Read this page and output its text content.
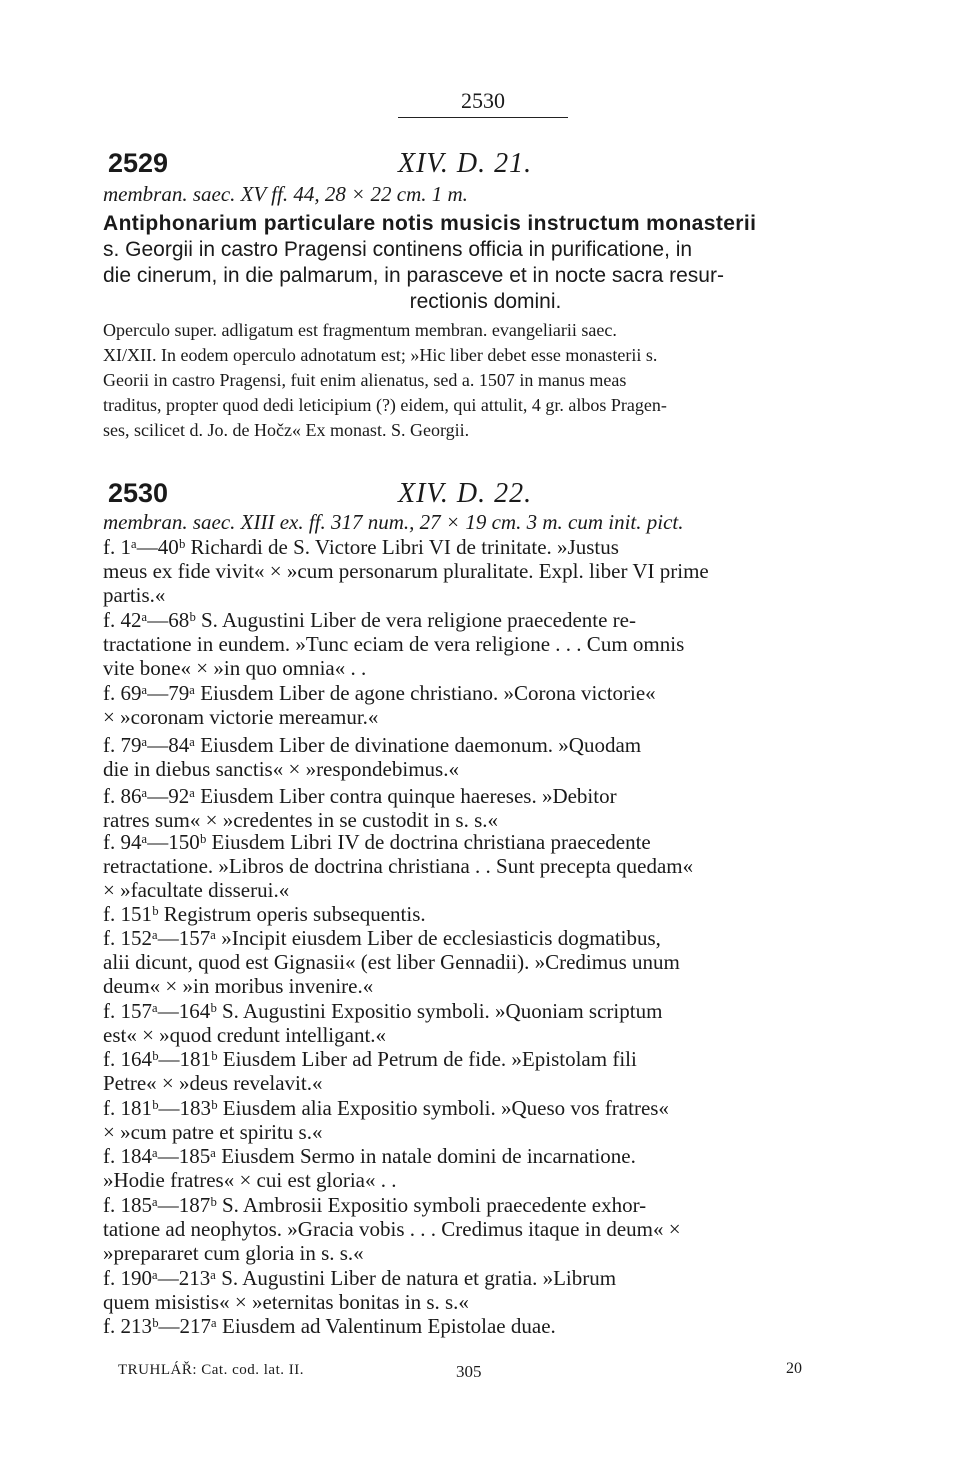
2530
2529	XIV. D. 21.
membran. saec. XV ff. 44, 28 × 22 cm. 1 m.
Antiphonarium particulare notis musicis instructum monasterii
s. Georgii in castro Pragensi continens officia in purificatione, in
die cinerum, in die palmarum, in parasceve et in nocte sacra resur-
rectionis domini.
Operculo super. adligatum est fragmentum membran. evangeliarii saec.
XI/XII. In eodem operculo adnotatum est; »Hic liber debet esse monasterii s.
Georii in castro Pragensi, fuit enim alienatus, sed a. 1507 in manus meas
traditus, propter quod dedi leticipium (?) eidem, qui attulit, 4 gr. albos Pragen-
ses, scilicet d. Jo. de Hočz« Ex monast. S. Georgii.
2530	XIV. D. 22.
membran. saec. XIII ex. ff. 317 num., 27 × 19 cm. 3 m. cum init. pict.
f. 1ᵃ—40ᵇ Richardi de S. Victore Libri VI de trinitate. »Justus
meus ex fide vivit« × »cum personarum pluralitate. Expl. liber VI prime
partis.«
f. 42ᵃ—68ᵇ S. Augustini Liber de vera religione praecedente re-
tractatione in eundem. »Tunc eciam de vera religione . . . Cum omnis
vite bone« × »in quo omnia« . .
f. 69ᵃ—79ᵃ Eiusdem Liber de agone christiano. »Corona victorie«
× »coronam victorie mereamur.«
f. 79ᵃ—84ᵃ Eiusdem Liber de divinatione daemonum. »Quodam
die in diebus sanctis« × »respondebimus.«
f. 86ᵃ—92ᵃ Eiusdem Liber contra quinque haereses. »Debitor
ratres sum« × »credentes in se custodit in s. s.«
f. 94ᵃ—150ᵇ Eiusdem Libri IV de doctrina christiana praecedente
retractatione. »Libros de doctrina christiana . . Sunt precepta quedam«
× »facultate disserui.«
f. 151ᵇ Registrum operis subsequentis.
f. 152ᵃ—157ᵃ »Incipit eiusdem Liber de ecclesiasticis dogmatibus,
alii dicunt, quod est Gignasii« (est liber Gennadii). »Credimus unum
deum« × »in moribus invenire.«
f. 157ᵃ—164ᵇ S. Augustini Expositio symboli. »Quoniam scriptum
est« × »quod credunt intelligant.«
f. 164ᵇ—181ᵇ Eiusdem Liber ad Petrum de fide. »Epistolam fili
Petre« × »deus revelavit.«
f. 181ᵇ—183ᵇ Eiusdem alia Expositio symboli. »Queso vos fratres«
× »cum patre et spiritu s.«
f. 184ᵃ—185ᵃ Eiusdem Sermo in natale domini de incarnatione.
»Hodie fratres« × cui est gloria« . .
f. 185ᵃ—187ᵇ S. Ambrosii Expositio symboli praecedente exhor-
tatione ad neophytos. »Gracia vobis . . . Credimus itaque in deum« ×
»prepararet cum gloria in s. s.«
f. 190ᵃ—213ᵃ S. Augustini Liber de natura et gratia. »Librum
quem misistis« × »eternitas bonitas in s. s.«
f. 213ᵇ—217ᵃ Eiusdem ad Valentinum Epistolae duae.
TRUHLÁŘ: Cat. cod. lat. II.	305	20
